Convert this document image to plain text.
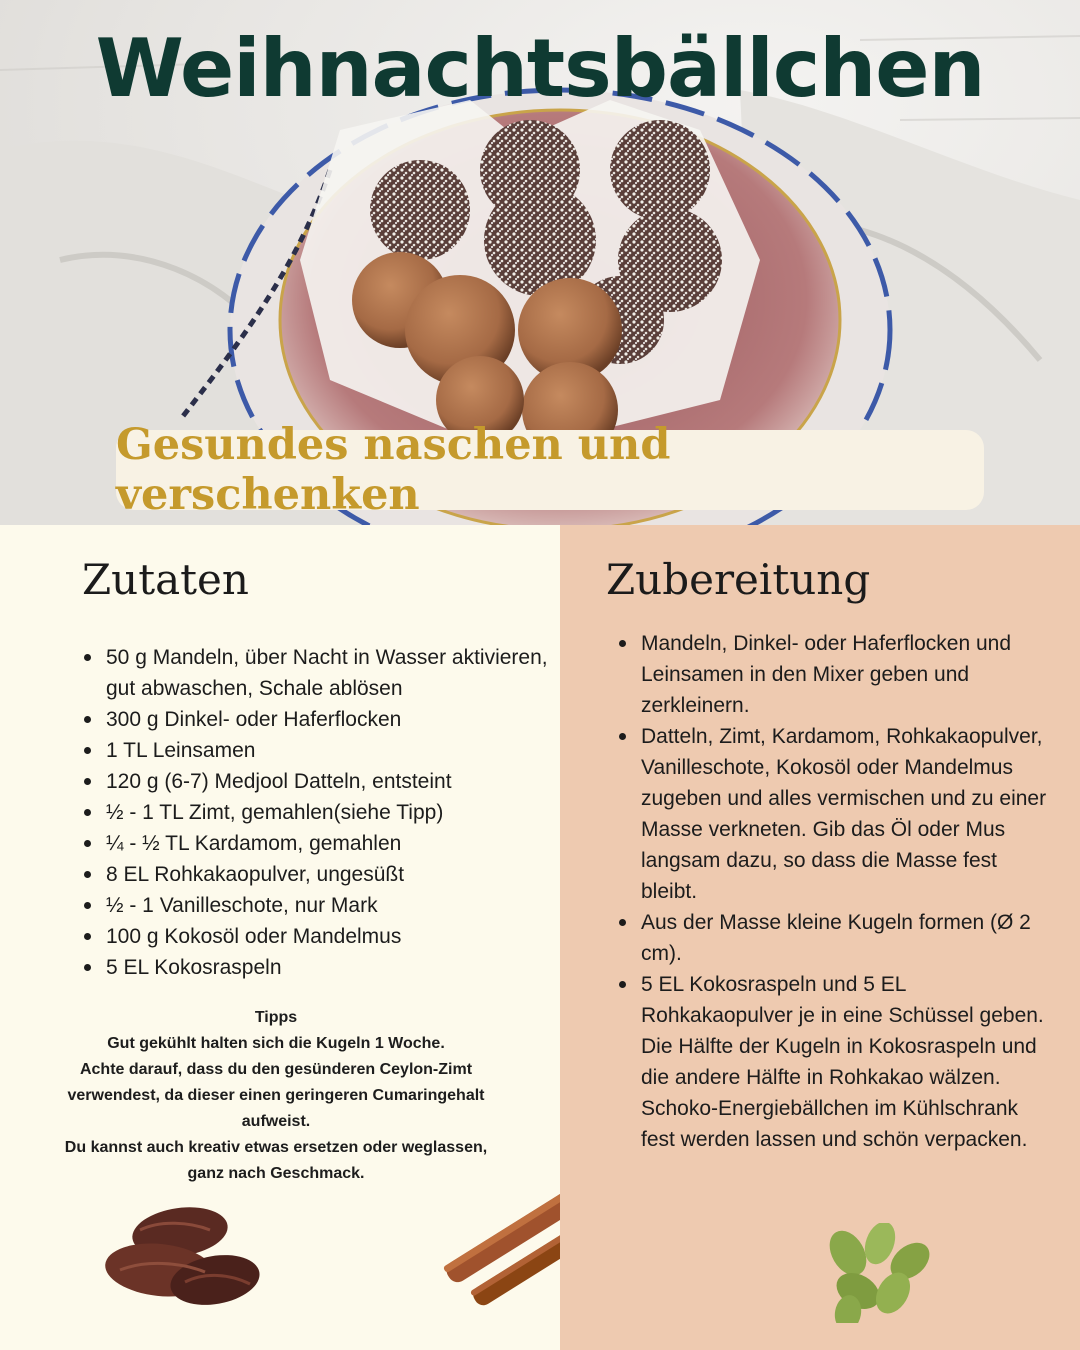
Weihnachtsbällchen
Gesundes naschen und verschenken
Zutaten
50 g Mandeln, über Nacht in Wasser aktivieren, gut abwaschen, Schale ablösen
300 g Dinkel- oder Haferflocken
1 TL Leinsamen
120 g (6-7) Medjool Datteln, entsteint
½ - 1 TL Zimt, gemahlen(siehe Tipp)
¼ - ½ TL Kardamom, gemahlen
8 EL Rohkakaopulver, ungesüßt
½ - 1 Vanilleschote, nur Mark
100 g Kokosöl oder Mandelmus
5 EL Kokosraspeln

Tipps

Gut gekühlt halten sich die Kugeln 1 Woche.

Achte darauf, dass du den gesünderen Ceylon-Zimt verwendest, da dieser einen geringeren Cumaringehalt aufweist.

Du kannst auch kreativ etwas ersetzen oder weglassen, ganz nach Geschmack.

Zubereitung
Mandeln, Dinkel- oder Haferflocken und Leinsamen in den Mixer geben und zerkleinern.
Datteln, Zimt, Kardamom, Rohkakaopulver, Vanilleschote, Kokosöl oder Mandelmus zugeben und alles vermischen und zu einer Masse verkneten. Gib das Öl oder Mus langsam dazu, so dass die Masse fest bleibt.
Aus der Masse kleine Kugeln formen (Ø 2 cm).
5 EL Kokosraspeln und 5 EL Rohkakaopulver je in eine Schüssel geben. Die Hälfte der Kugeln in Kokosraspeln und die andere Hälfte in Rohkakao wälzen. Schoko-Energiebällchen im Kühlschrank fest werden lassen und schön verpacken.
